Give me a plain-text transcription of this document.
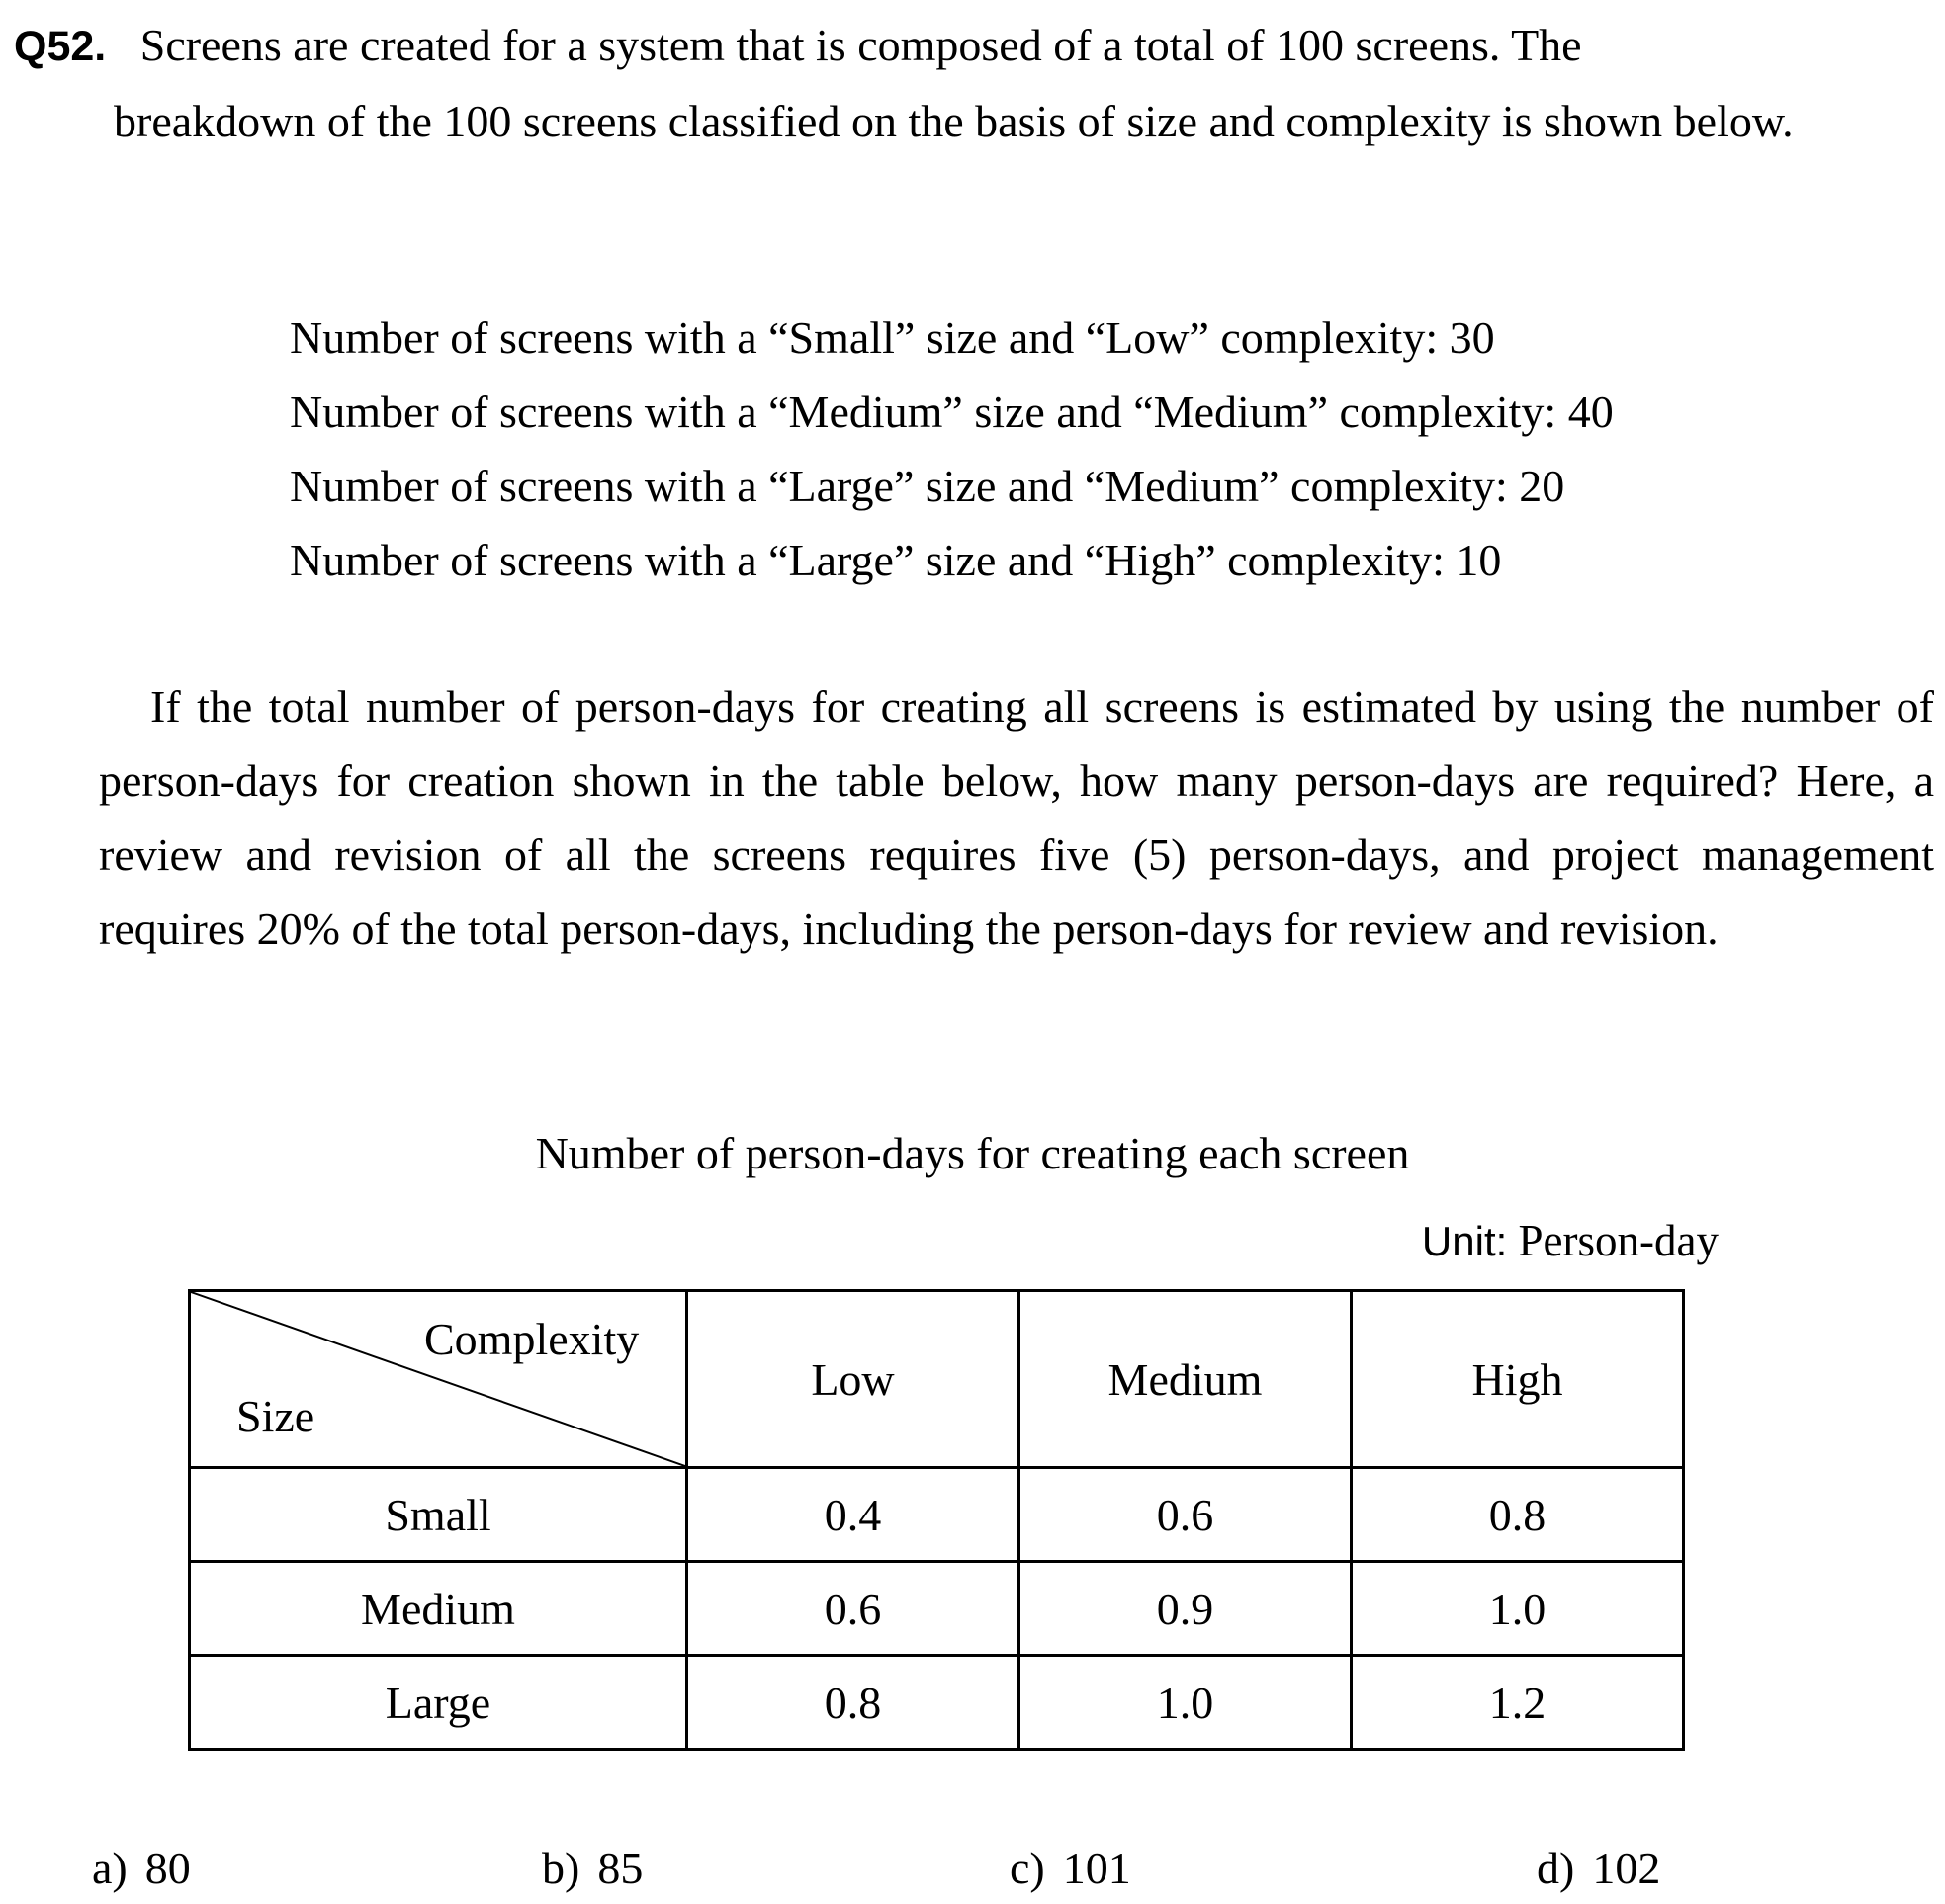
Q52. Screens are created for a system that is composed of a total of 100 screens. The
breakdown of the 100 screens classified on the basis of size and complexity is shown below.
Number of screens with a “Small” size and “Low” complexity: 30
Number of screens with a “Medium” size and “Medium” complexity: 40
Number of screens with a “Large” size and “Medium” complexity: 20
Number of screens with a “Large” size and “High” complexity: 10
If the total number of person-days for creating all screens is estimated by using the number of person-days for creation shown in the table below, how many person-days are required? Here, a review and revision of all the screens requires five (5) person-days, and project management requires 20% of the total person-days, including the person-days for review and revision.
Number of person-days for creating each screen
Unit: Person-day
Complexity
Size	Low	Medium	High
Small	0.4	0.6	0.8
Medium	0.6	0.9	1.0
Large	0.8	1.0	1.2
a) 80	b) 85	c) 101	d) 102
